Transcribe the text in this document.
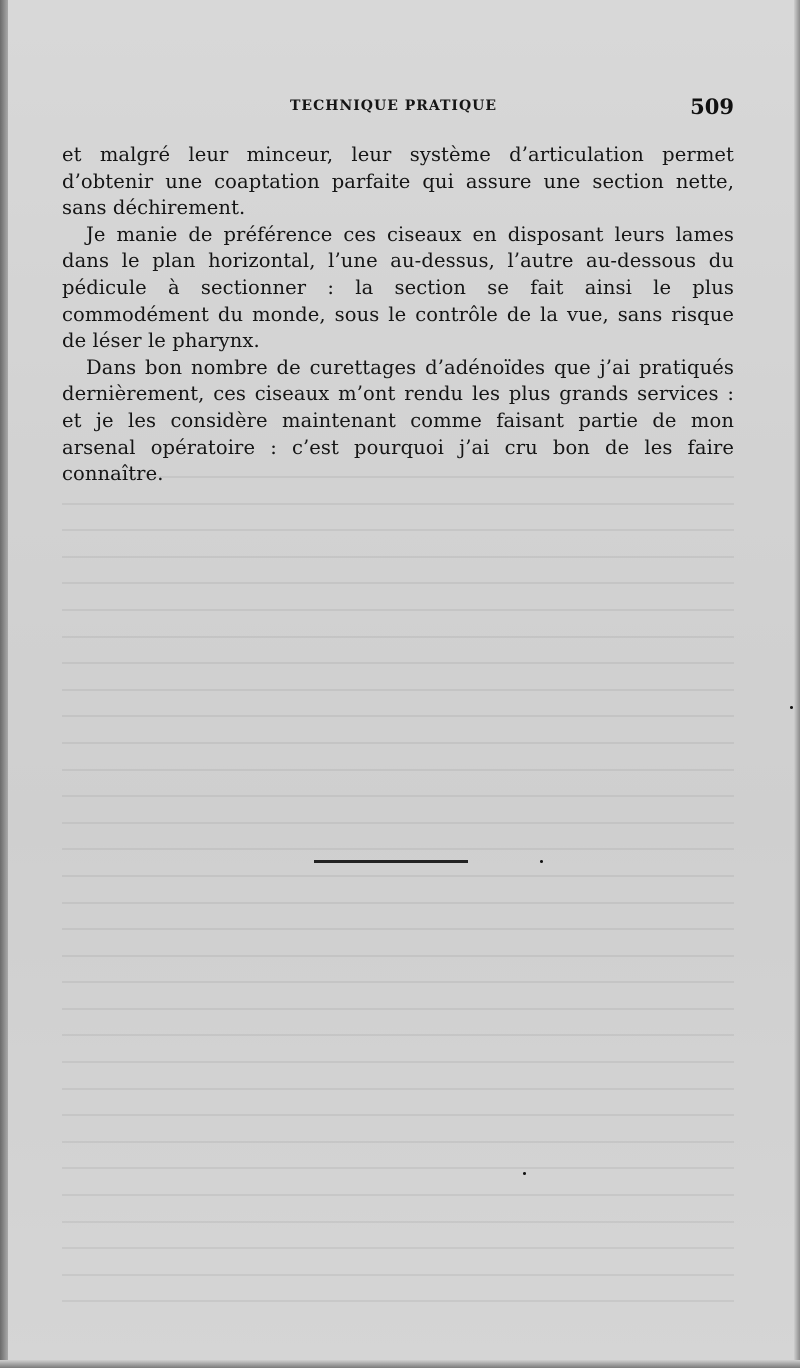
TECHNIQUE PRATIQUE	509

et malgré leur minceur, leur système d’articulation permet d’obtenir une coaptation parfaite qui assure une section nette, sans déchirement.

Je manie de préférence ces ciseaux en disposant leurs lames dans le plan horizontal, l’une au-dessus, l’autre au-dessous du pédicule à sectionner : la section se fait ainsi le plus commodément du monde, sous le contrôle de la vue, sans risque de léser le pharynx.

Dans bon nombre de curettages d’adénoïdes que j’ai pratiqués dernièrement, ces ciseaux m’ont rendu les plus grands services : et je les considère maintenant comme faisant partie de mon arsenal opératoire : c’est pourquoi j’ai cru bon de les faire connaître.
